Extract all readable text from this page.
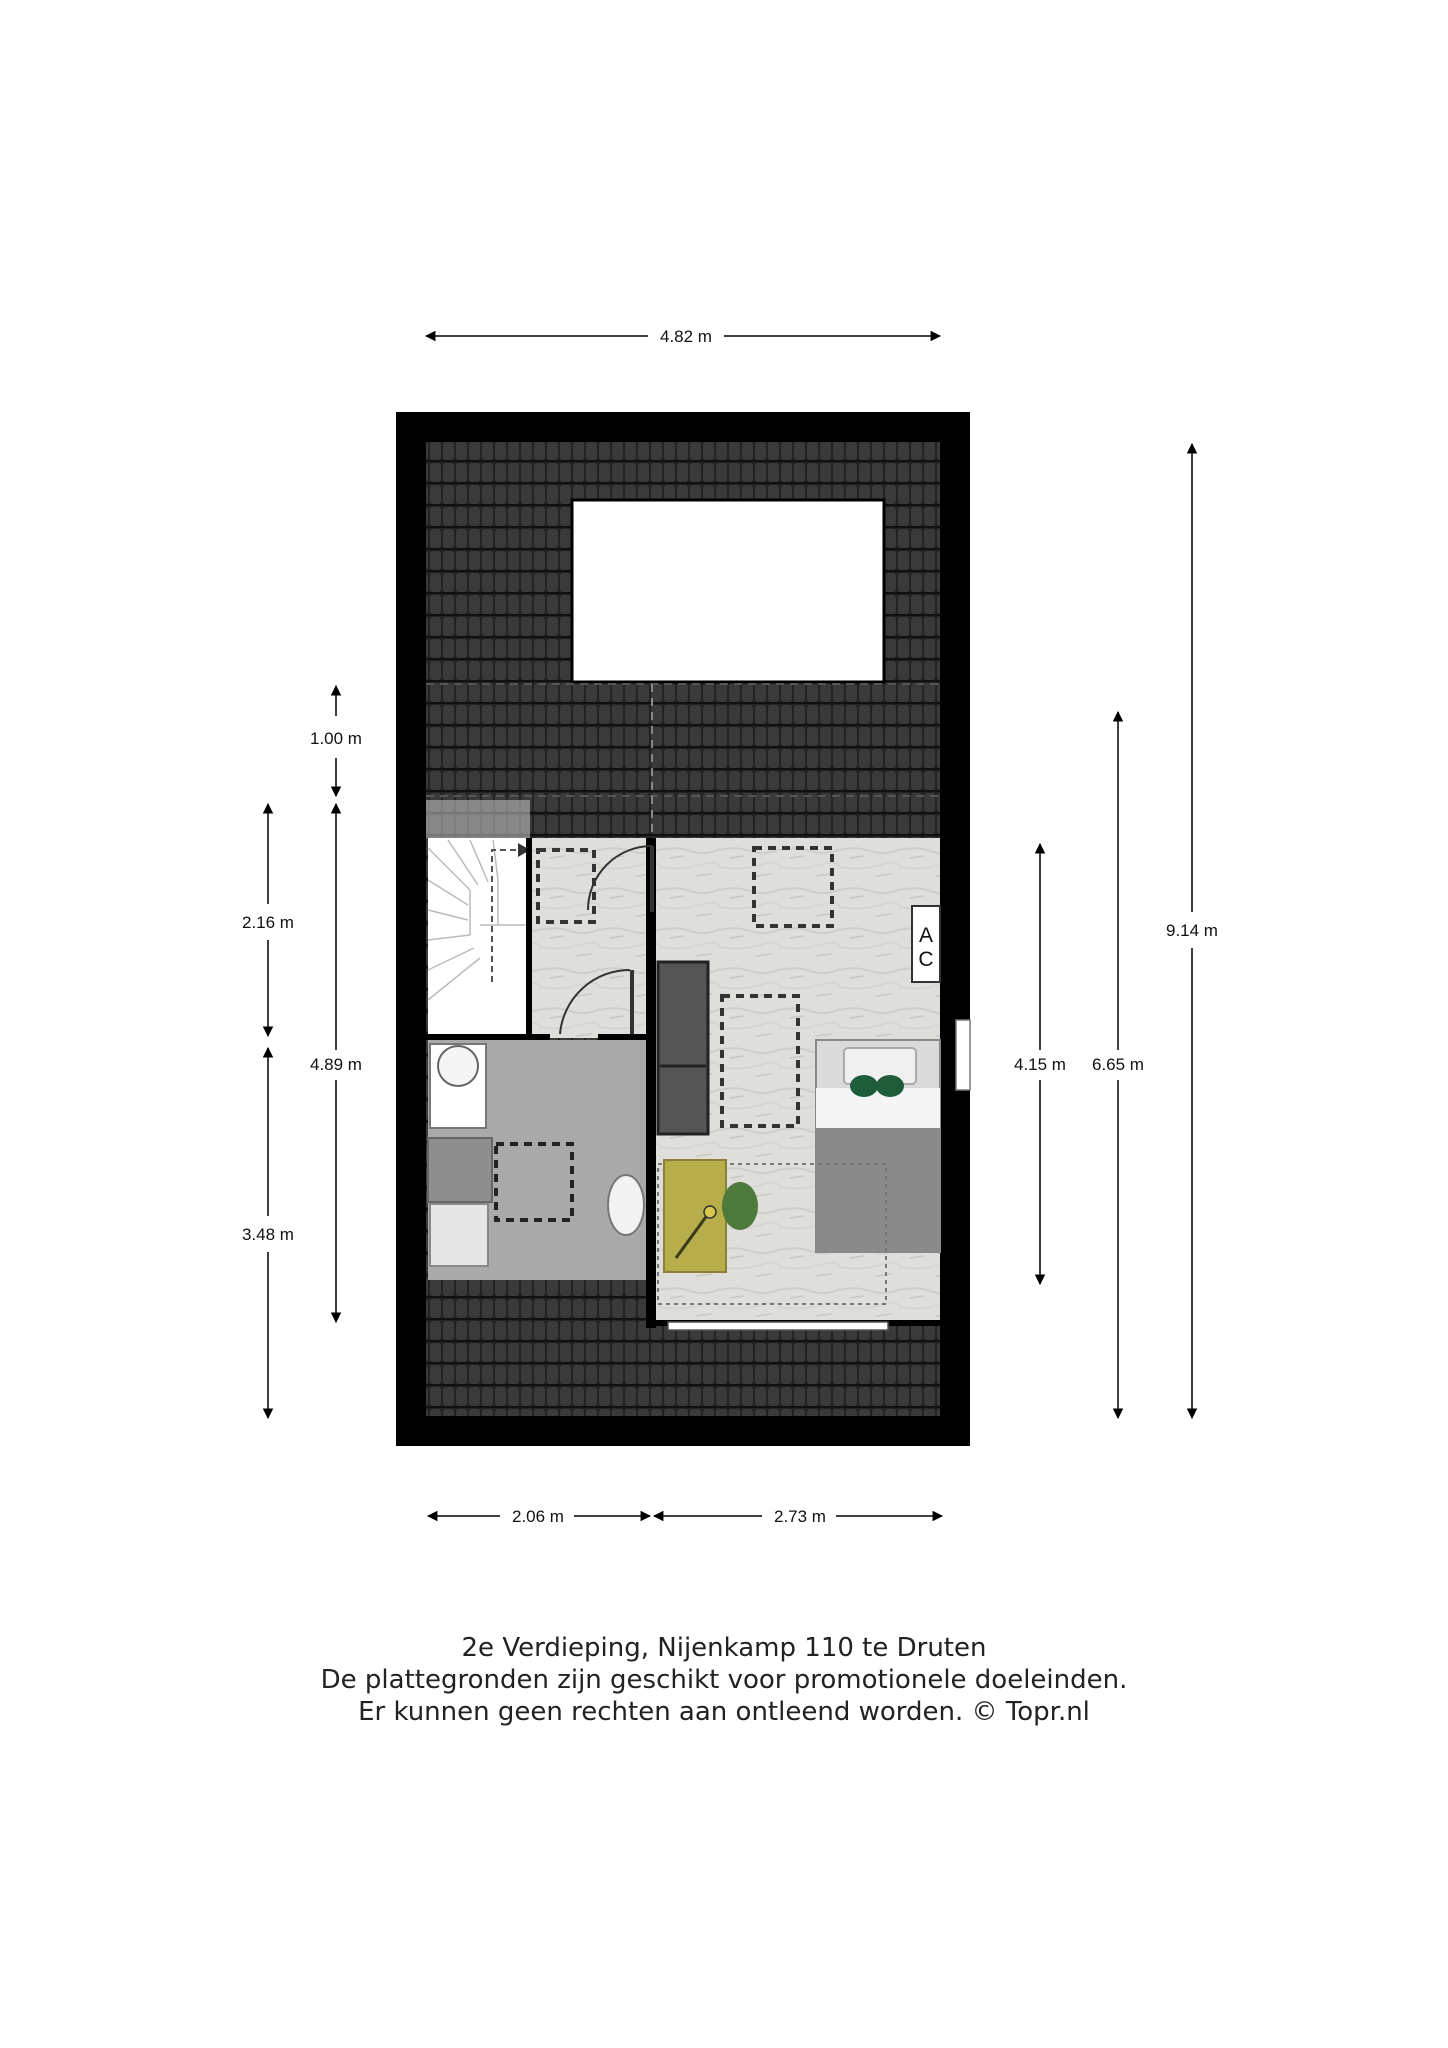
A
C
4.82 m
1.00 m
4.89 m
2.16 m
3.48 m
2.06 m	2.73 m
4.15 m 6.65 m
9.14 m
2e Verdieping, Nijenkamp 110 te Druten
De plattegronden zijn geschikt voor promotionele doeleinden.
Er kunnen geen rechten aan ontleend worden. © Topr.nl
